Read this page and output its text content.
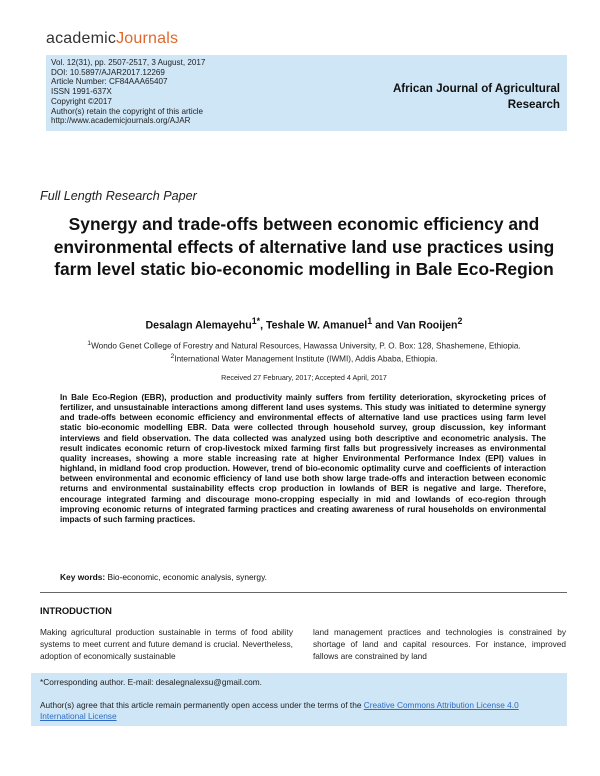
academicJournals
Vol. 12(31), pp. 2507-2517, 3 August, 2017
DOI: 10.5897/AJAR2017.12269
Article Number: CF84AAA65407
ISSN 1991-637X
Copyright ©2017
Author(s) retain the copyright of this article
http://www.academicjournals.org/AJAR
African Journal of Agricultural
Research
Full Length Research Paper
Synergy and trade-offs between economic efficiency and environmental effects of alternative land use practices using farm level static bio-economic modelling in Bale Eco-Region
Desalagn Alemayehu$^{1*}$, Teshale W. Amanuel$^1$ and Van Rooijen$^2$
$^1$Wondo Genet College of Forestry and Natural Resources, Hawassa University, P. O. Box: 128, Shashemene, Ethiopia.
$^2$International Water Management Institute (IWMI), Addis Ababa, Ethiopia.
Received 27 February, 2017; Accepted 4 April, 2017
In Bale Eco-Region (EBR), production and productivity mainly suffers from fertility deterioration, skyrocketing prices of fertilizer, and unsustainable interactions among different land uses systems. This study was initiated to determine synergy and trade-offs between economic efficiency and environmental effects of alternative land use practices using farm level static bio-economic modelling EBR. Data were collected through household survey, group discussion, key informant interviews and field observation. The data collected was analyzed using both descriptive and econometric analysis. The result indicates economic return of crop-livestock mixed farming first falls but progressively increases as environmental quality increases, showing a more stable increasing rate at higher Environmental Performance Index (EPI) values in highland, in midland food crop production. However, trend of bio-economic optimality curve and coefficients of interaction between environmental and economic efficiency of land use both show large trade-offs and interaction between economic returns and environmental sustainability effects crop production in lowlands of BER is negative and large. Therefore, encourage integrated farming and discourage mono-cropping especially in mid and lowlands of eco-region through improving economic returns of integrated farming practices and creating awareness of rural households on environmental impacts of such farming practices.
Key words: Bio-economic, economic analysis, synergy.
INTRODUCTION
Making agricultural production sustainable in terms of food ability systems to meet current and future demand is crucial. Nevertheless, adoption of economically sustainable
land management practices and technologies is constrained by shortage of land and capital resources. For instance, improved fallows are constrained by land
*Corresponding author. E-mail: desalegnalexsu@gmail.com.
Author(s) agree that this article remain permanently open access under the terms of the Creative Commons Attribution License 4.0 International License
